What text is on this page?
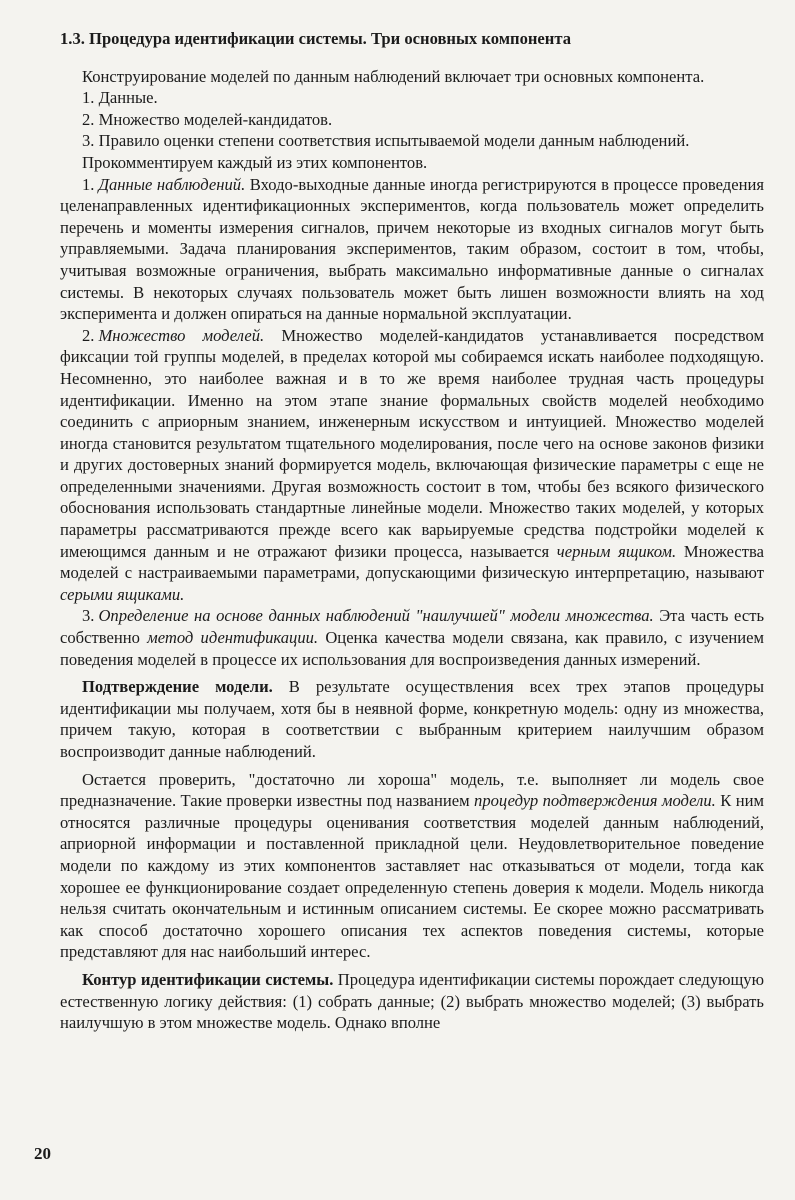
1.3. Процедура идентификации системы. Три основных компонента

Конструирование моделей по данным наблюдений включает три основных компонента.

1. Данные.

2. Множество моделей-кандидатов.

3. Правило оценки степени соответствия испытываемой модели данным наблюдений.

Прокомментируем каждый из этих компонентов.

1. Данные наблюдений. Входо-выходные данные иногда регистрируются в процессе проведения целенаправленных идентификационных экспериментов, когда пользователь может определить перечень и моменты измерения сигналов, причем некоторые из входных сигналов могут быть управляемыми. Задача планирования экспериментов, таким образом, состоит в том, чтобы, учитывая возможные ограничения, выбрать максимально информативные данные о сигналах системы. В некоторых случаях пользователь может быть лишен возможности влиять на ход эксперимента и должен опираться на данные нормальной эксплуатации.

2. Множество моделей. Множество моделей-кандидатов устанавливается посредством фиксации той группы моделей, в пределах которой мы собираемся искать наиболее подходящую. Несомненно, это наиболее важная и в то же время наиболее трудная часть процедуры идентификации. Именно на этом этапе знание формальных свойств моделей необходимо соединить с априорным знанием, инженерным искусством и интуицией. Множество моделей иногда становится результатом тщательного моделирования, после чего на основе законов физики и других достоверных знаний формируется модель, включающая физические параметры с еще не определенными значениями. Другая возможность состоит в том, чтобы без всякого физического обоснования использовать стандартные линейные модели. Множество таких моделей, у которых параметры рассматриваются прежде всего как варьируемые средства подстройки моделей к имеющимся данным и не отражают физики процесса, называется черным ящиком. Множества моделей с настраиваемыми параметрами, допускающими физическую интерпретацию, называют серыми ящиками.

3. Определение на основе данных наблюдений "наилучшей" модели множества. Эта часть есть собственно метод идентификации. Оценка качества модели связана, как правило, с изучением поведения моделей в процессе их использования для воспроизведения данных измерений.

Подтверждение модели. В результате осуществления всех трех этапов процедуры идентификации мы получаем, хотя бы в неявной форме, конкретную модель: одну из множества, причем такую, которая в соответствии с выбранным критерием наилучшим образом воспроизводит данные наблюдений.

Остается проверить, "достаточно ли хороша" модель, т.е. выполняет ли модель свое предназначение. Такие проверки известны под названием процедур подтверждения модели. К ним относятся различные процедуры оценивания соответствия моделей данным наблюдений, априорной информации и поставленной прикладной цели. Неудовлетворительное поведение модели по каждому из этих компонентов заставляет нас отказываться от модели, тогда как хорошее ее функционирование создает определенную степень доверия к модели. Модель никогда нельзя считать окончательным и истинным описанием системы. Ее скорее можно рассматривать как способ достаточно хорошего описания тех аспектов поведения системы, которые представляют для нас наибольший интерес.

Контур идентификации системы. Процедура идентификации системы порождает следующую естественную логику действия: (1) собрать данные; (2) выбрать множество моделей; (3) выбрать наилучшую в этом множестве модель. Однако вполне

20
